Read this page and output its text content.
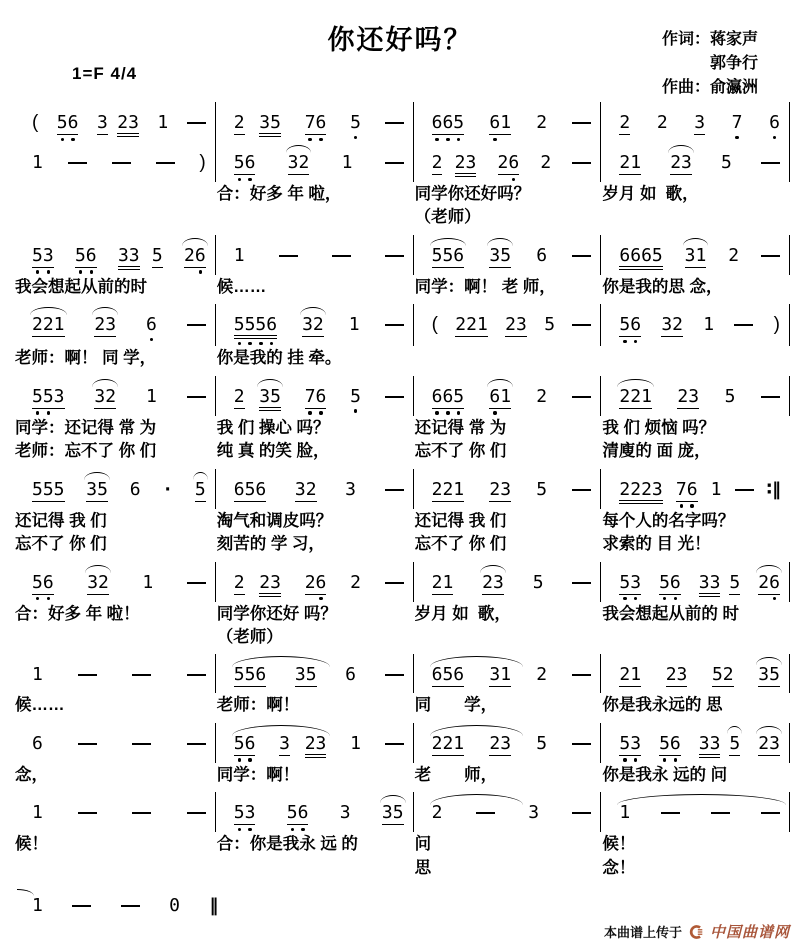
你还好吗？
1=F 4/4
作词：蒋家声
郭争行
作曲：俞瀛洲
( 56 3 23 1	2 35 76 5	665 61 2	2 2 3 7 6
1	) 56 32 1	2 23 26 2	21 23 5
合：好多 年 啦，	同学你还好吗？	岁月 如  歌，
（老师）
53 56 33 5 26 1	556 35 6	6665 31 2
我会想起从前的时	候……	同学：啊！ 老 师，	你是我的思 念，
221 23 6	5556 32 1	( 221 23 5	56 32 1	)
老师：啊！ 同 学，	你是我的 挂 牵。
553 32 1	2 35 76 5	665 61 2	221 23 5
同学：还记得 常 为	我 们 操心 吗？	还记得 常 为	我 们 烦恼 吗？
老师：忘不了 你 们	纯 真 的笑 脸，	忘不了 你 们	清廋的 面 庞，
555 35 6 · 5 656 32 3	221 23 5	2223 76 1	∶‖
还记得 我 们	淘气和调皮吗？	还记得 我 们	每个人的名字吗？
忘不了 你 们	刻苦的 学 习，	忘不了 你 们	求索的 目 光！
56 32 1	2 23 26 2	21 23 5	53 56 33 5 26
合：好多 年 啦！	同学你还好 吗？	岁月 如  歌，	我会想起从前的 时
（老师）
1	556 35 6	656 31 2	21 23 52 35
候……	老师：啊！	同　　学，	你是我永远的 思
6	56 3 23 1	221 23 5	53 56 33 5 23
念，	同学：啊！	老　　师，	你是我永 远的 问
1	53 56 3 35 2	3	1
候！	合：你是我永 远 的	问	候！
思	念！
1	0 ‖
本曲谱上传于 中国曲谱网
